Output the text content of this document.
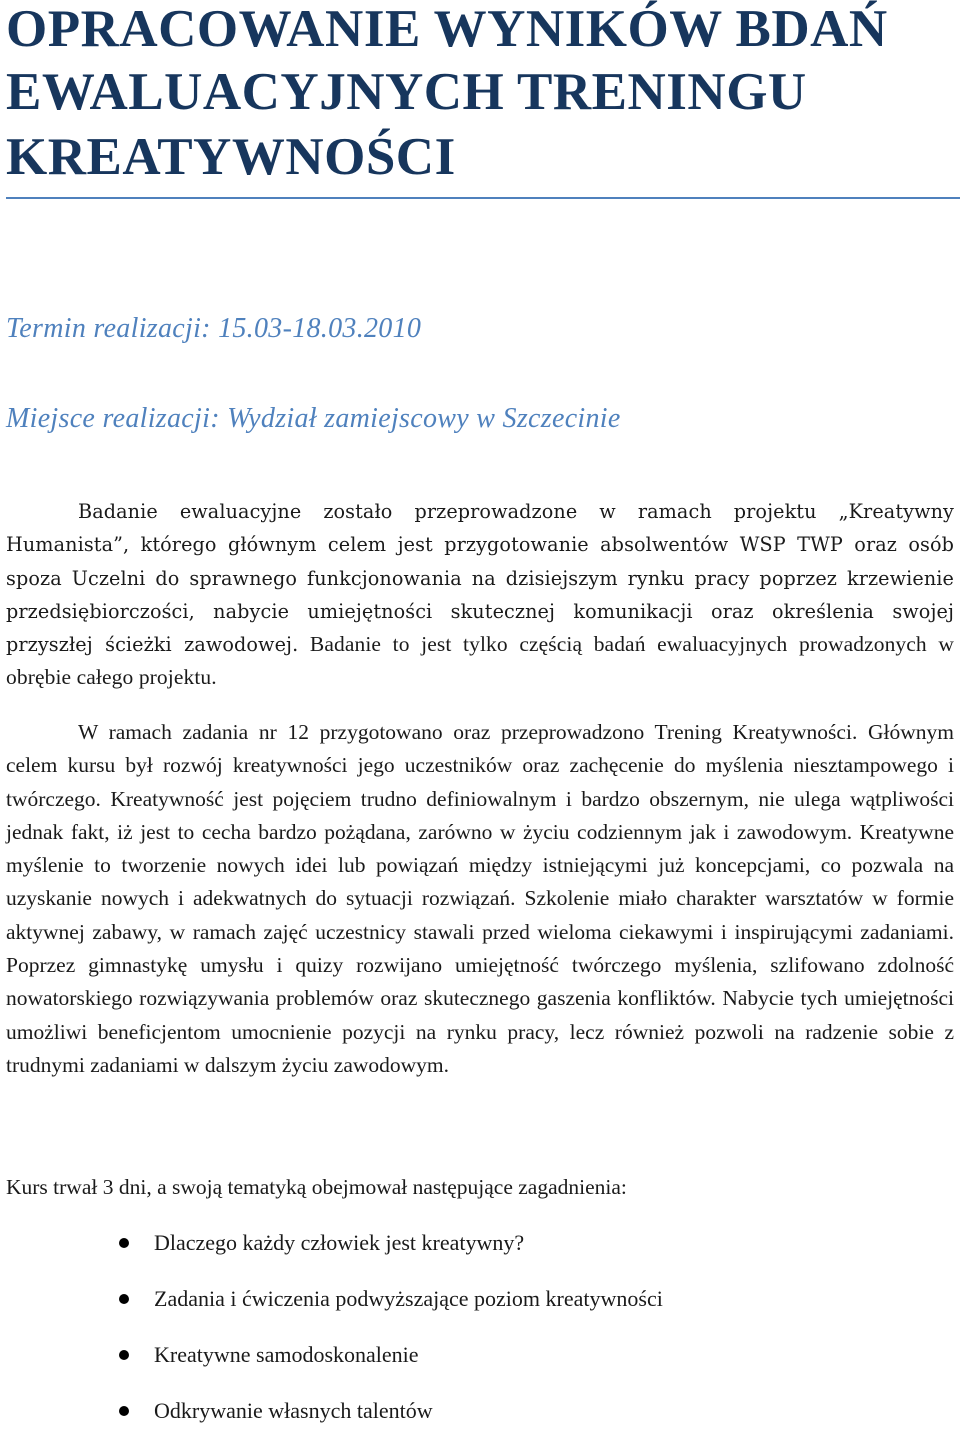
OPRACOWANIE WYNIKÓW BDAŃ
EWALUACYJNYCH TRENINGU
KREATYWNOŚCI
Termin realizacji: 15.03-18.03.2010
Miejsce realizacji: Wydział zamiejscowy w Szczecinie

Badanie ewaluacyjne zostało przeprowadzone w ramach projektu „Kreatywny Humanista”, którego głównym celem jest przygotowanie absolwentów WSP TWP oraz osób spoza Uczelni do sprawnego funkcjonowania na dzisiejszym rynku pracy poprzez krzewienie przedsiębiorczości, nabycie umiejętności skutecznej komunikacji oraz określenia swojej przyszłej ścieżki zawodowej. Badanie to jest tylko częścią badań ewaluacyjnych prowadzonych w obrębie całego projektu.

W ramach zadania nr 12 przygotowano oraz przeprowadzono Trening Kreatywności. Głównym celem kursu był rozwój kreatywności jego uczestników oraz zachęcenie do myślenia niesztampowego i twórczego. Kreatywność jest pojęciem trudno definiowalnym i bardzo obszernym, nie ulega wątpliwości jednak fakt, iż jest to cecha bardzo pożądana, zarówno w życiu codziennym jak i zawodowym. Kreatywne myślenie to tworzenie nowych idei lub powiązań między istniejącymi już koncepcjami, co pozwala na uzyskanie nowych i adekwatnych do sytuacji rozwiązań. Szkolenie miało charakter warsztatów w formie aktywnej zabawy, w ramach zajęć uczestnicy stawali przed wieloma ciekawymi i inspirującymi zadaniami. Poprzez gimnastykę umysłu i quizy rozwijano umiejętność twórczego myślenia, szlifowano zdolność nowatorskiego rozwiązywania problemów oraz skutecznego gaszenia konfliktów. Nabycie tych umiejętności umożliwi beneficjentom umocnienie pozycji na rynku pracy, lecz również pozwoli na radzenie sobie z trudnymi zadaniami w dalszym życiu zawodowym.

Kurs trwał 3 dni, a swoją tematyką obejmował następujące zagadnienia:

Dlaczego każdy człowiek jest kreatywny?
Zadania i ćwiczenia podwyższające poziom kreatywności
Kreatywne samodoskonalenie
Odkrywanie własnych talentów
